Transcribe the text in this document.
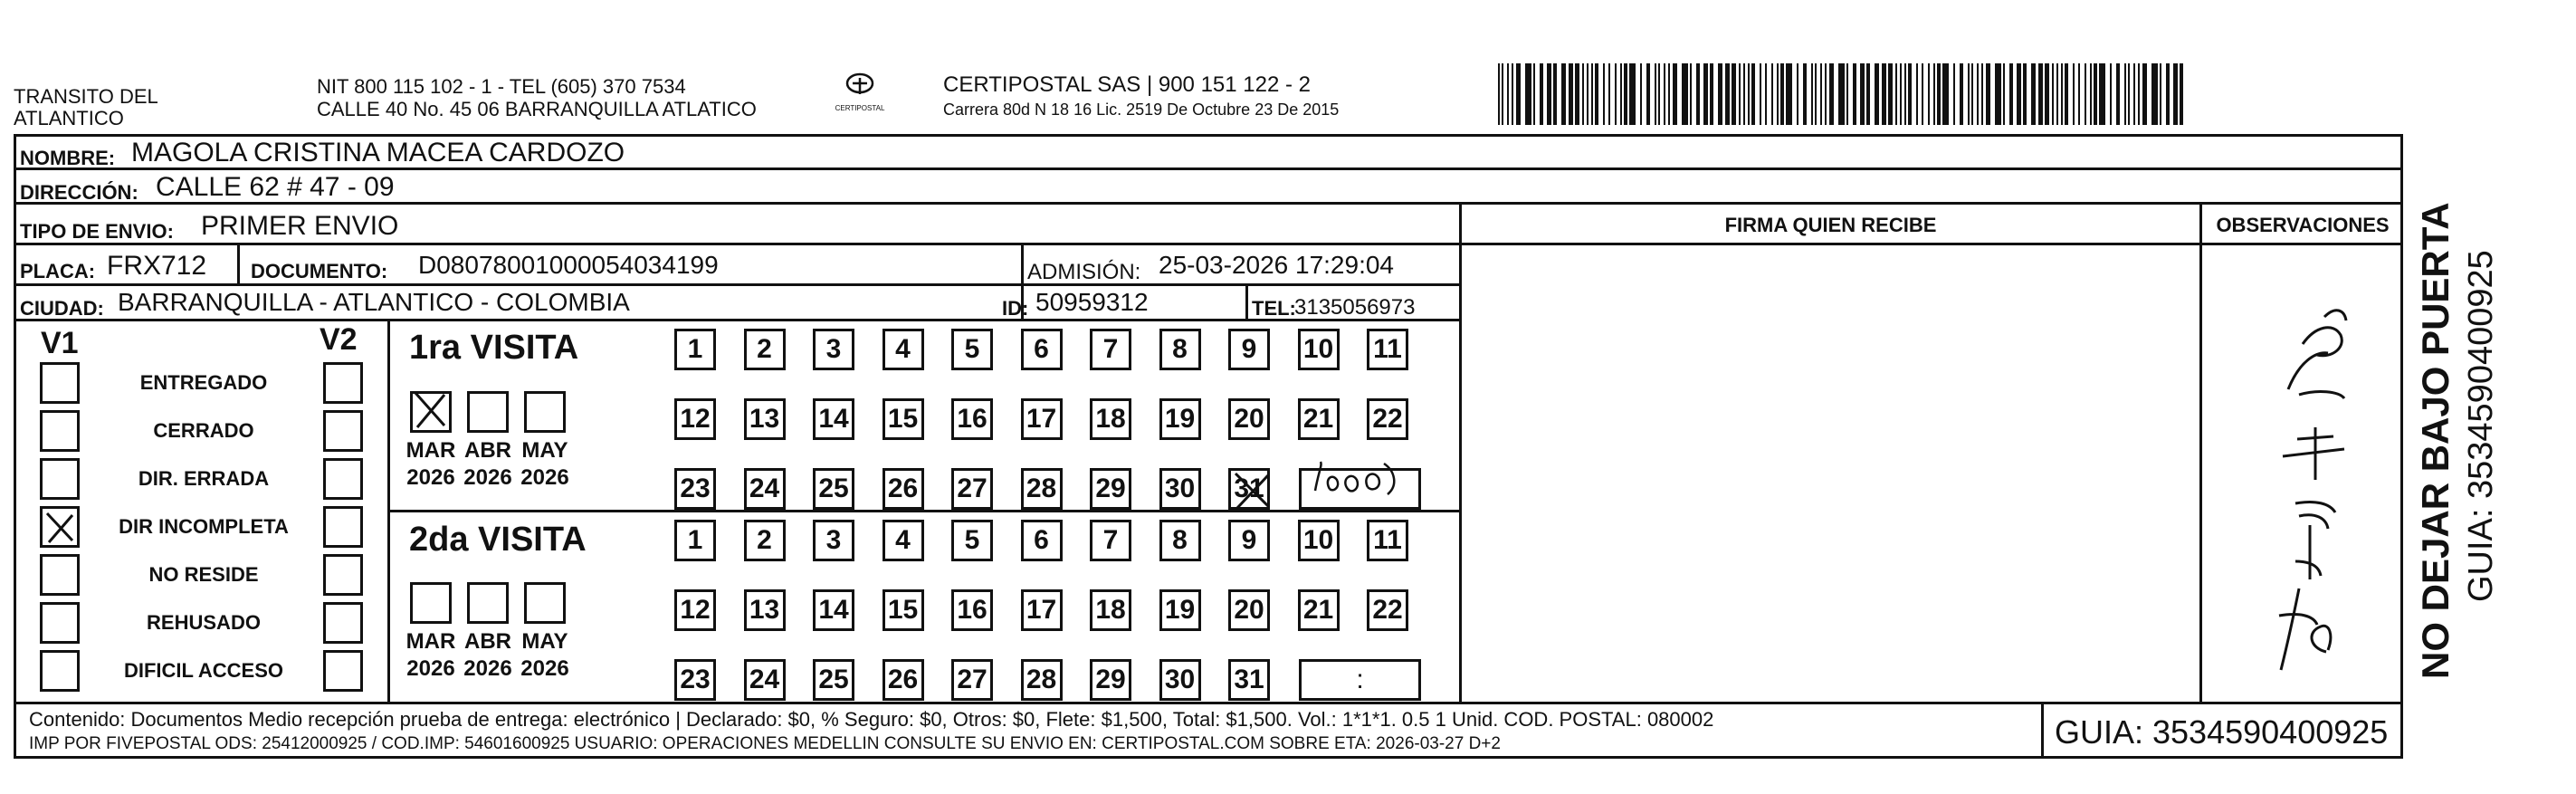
TRANSITO DEL
ATLANTICO
NIT 800 115 102 - 1 - TEL (605) 370 7534
CALLE 40 No. 45 06 BARRANQUILLA ATLATICO	CERTIPOSTAL
CERTIPOSTAL SAS | 900 151 122 - 2
Carrera 80d N 18 16 Lic. 2519 De Octubre 23 De 2015
NOMBRE: MAGOLA CRISTINA MACEA CARDOZO
DIRECCIÓN: CALLE 62 # 47 - 09
TIPO DE ENVIO: PRIMER ENVIO
PLACA: FRX712 DOCUMENTO: D08078001000054034199	ADMISIÓN: 25-03-2026 17:29:04
CIUDAD: BARRANQUILLA - ATLANTICO - COLOMBIA	ID: 50959312	TEL:
3135056973
FIRMA QUIEN RECIBE	OBSERVACIONES
V1	V2 1ra VISITA
2da VISITA	NO DEJAR BAJO PUERTA GUIA: 3534590400925
Contenido: Documentos Medio recepción prueba de entrega: electrónico | Declarado: $0, % Seguro: $0, Otros: $0, Flete: $1,500, Total: $1,500. Vol.: 1*1*1. 0.5 1 Unid. COD. POSTAL: 080002
IMP POR FIVEPOSTAL ODS: 25412000925 / COD.IMP: 54601600925 USUARIO: OPERACIONES MEDELLIN CONSULTE SU ENVIO EN: CERTIPOSTAL.COM SOBRE ETA: 2026-03-27 D+2	GUIA: 3534590400925
ENTREGADO
CERRADO
DIR. ERRADA
DIR INCOMPLETA
NO RESIDE
REHUSADO
DIFICIL ACCESO
MAR
2026
ABR
2026
MAY
2026
1	2	3	4	5	6	7	8	9	10 11
12 13 14 15 16 17 18 19 20 21 22
23 24 25 26 27 28 29 30 31
MAR
2026
ABR
2026
MAY
2026
1	2	3	4	5	6	7	8	9	10 11
12 13 14 15 16 17 18 19 20 21 22
23 24 25 26 27 28 29 30 31	:
